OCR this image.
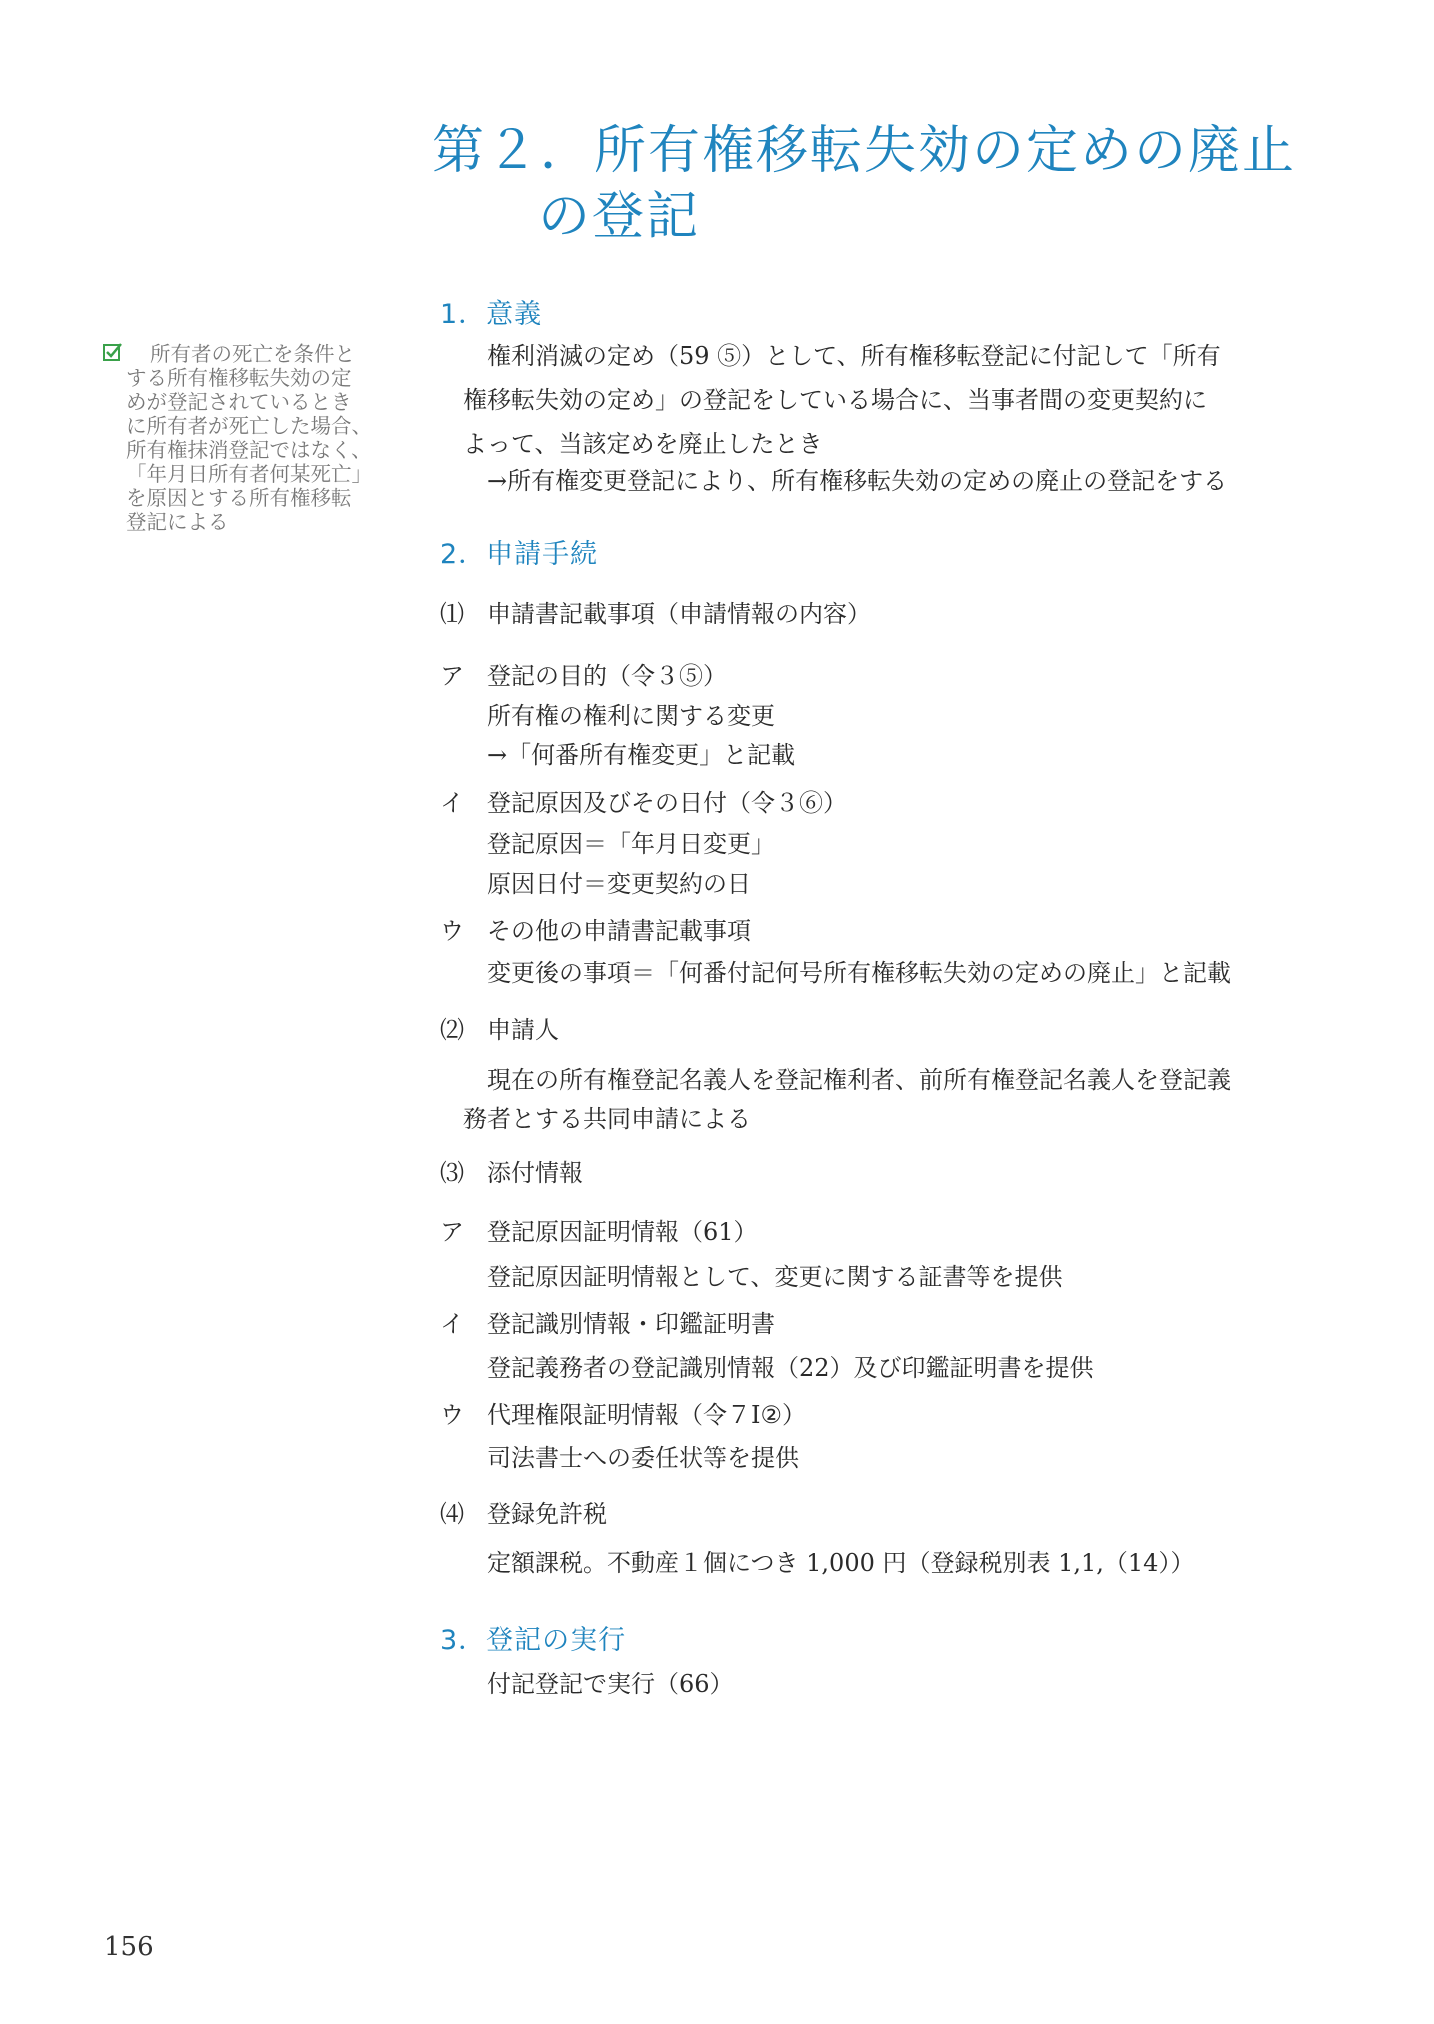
第２．所有権移転失効の定めの廃止
の登記
所有者の死亡を条件と
する所有権移転失効の定
めが登記されているとき
に所有者が死亡した場合、
所有権抹消登記ではなく、
「年月日所有者何某死亡」
を原因とする所有権移転
登記による
1．意義
権利消滅の定め（59 ⑤）として、所有権移転登記に付記して「所有
権移転失効の定め」の登記をしている場合に、当事者間の変更契約に
よって、当該定めを廃止したとき
→所有権変更登記により、所有権移転失効の定めの廃止の登記をする
2．申請手続
⑴ 申請書記載事項（申請情報の内容）
ア 登記の目的（令３⑤）
所有権の権利に関する変更
→「何番所有権変更」と記載
イ 登記原因及びその日付（令３⑥）
登記原因＝「年月日変更」
原因日付＝変更契約の日
ウ その他の申請書記載事項
変更後の事項＝「何番付記何号所有権移転失効の定めの廃止」と記載
⑵ 申請人
現在の所有権登記名義人を登記権利者、前所有権登記名義人を登記義
務者とする共同申請による
⑶ 添付情報
ア 登記原因証明情報（61）
登記原因証明情報として、変更に関する証書等を提供
イ 登記識別情報・印鑑証明書
登記義務者の登記識別情報（22）及び印鑑証明書を提供
ウ 代理権限証明情報（令７Ⅰ②）
司法書士への委任状等を提供
⑷ 登録免許税
定額課税。不動産１個につき 1,000 円（登録税別表 1,1,（14））
3．登記の実行
付記登記で実行（66）
156
